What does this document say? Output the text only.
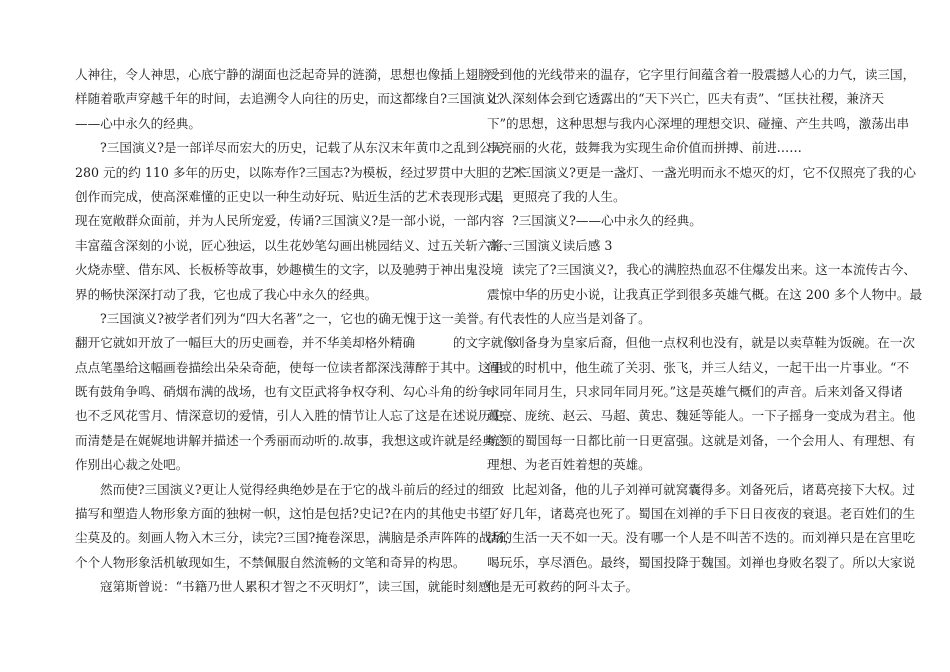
人神往，令人神思，心底宁静的湖面也泛起奇异的涟漪，思想也像插上翅膀一
样随着歌声穿越千年的时间，去追溯令人向往的历史，而这都缘自?三国演义?
——心中永久的经典。
?三国演义?是一部详尽而宏大的历史，记载了从东汉末年黄巾之乱到公元
280 元的约 110 多年的历史，以陈寿作?三国志?为模板，经过罗贯中大胆的艺术
创作而完成，使高深难懂的正史以一种生动好玩、贴近生活的艺术表现形式呈
现在宽敞群众面前，并为人民所宠爱，传诵?三国演义?是一部小说，一部内容
丰富蕴含深刻的小说，匠心独运，以生花妙笔勾画出桃园结义、过五关斩六将、
火烧赤壁、借东风、长板桥等故事，妙趣横生的文字，以及驰骋于神出鬼没境
界的畅快深深打动了我，它也成了我心中永久的经典。
?三国演义?被学者们列为“四大名著”之一，它也的确无愧于这一美誉。
翻开它就如开放了一幅巨大的历史画卷，并不华美却格外精确　　　的文字就像
点点笔墨给这幅画卷描绘出朵朵奇葩，使每一位读者都深浅薄醉于其中。这里
既有鼓角争鸣、硝烟布满的战场，也有文臣武将争权夺利、勾心斗角的纷争，
也不乏风花雪月、情深意切的爱情，引人入胜的情节让人忘了这是在述说历史，
而清楚是在娓娓地讲解并描述一个秀丽而动听的.故事，我想这或许就是经典之
作别出心裁之处吧。
然而使?三国演义?更让人觉得经典绝妙是在于它的战斗前后的经过的细致
描写和塑造人物形象方面的独树一帜，这怕是包括?史记?在内的其他史书望
尘莫及的。刻画人物入木三分，读完?三国?掩卷深思，满脑是杀声阵阵的战场，
个个人物形象活机敏现如生，不禁佩服自然流畅的文笔和奇异的构思。
寇第斯曾说：“书籍乃世人累积才智之不灭明灯”，读三国，就能时刻感
受到他的光线带来的温存，它字里行间蕴含着一股震撼人心的力气，读三国，
让人深刻体会到它透露出的“天下兴亡，匹夫有责”、“匡扶社稷，兼济天
下”的思想，这种思想与我内心深埋的理想交识、碰撞、产生共鸣，激荡出串
串亮丽的火花，鼓舞我为实现生命价值而拼搏、前进……
?三国演义?更是一盏灯、一盏光明而永不熄灭的灯，它不仅照亮了我的心
灵，更照亮了我的人生。
?三国演义?——心中永久的经典。
高一三国演义读后感 3
读完了?三国演义?，我心的满腔热血忍不住爆发出来。这一本流传古今、
震惊中华的历史小说，让我真正学到很多英雄气概。在这 200 多个人物中。最
有代表性的人应当是刘备了。
刘备身为皇家后裔，但他一点权利也没有，就是以卖草鞋为饭碗。在一次
间或的时机中，他生疏了关羽、张飞，并三人结义，一起干出一片事业。“不
求同年同月生，只求同年同月死。”这是英雄气概们的声音。后来刘备又得诸
葛亮、庞统、赵云、马超、黄忠、魏延等能人。一下子摇身一变成为君主。他
统领的蜀国每一日都比前一日更富强。这就是刘备，一个会用人、有理想、有
理想、为老百姓着想的英雄。
比起刘备，他的儿子刘禅可就窝囊得多。刘备死后，诸葛亮接下大权。过
了好几年，诸葛亮也死了。蜀国在刘禅的手下日日夜夜的衰退。老百姓们的生
活的生活一天不如一天。没有哪一个人是不叫苦不迭的。而刘禅只是在宫里吃
喝玩乐，享尽酒色。最终，蜀国投降于魏国。刘禅也身败名裂了。所以大家说
他是无可救药的阿斗太子。
